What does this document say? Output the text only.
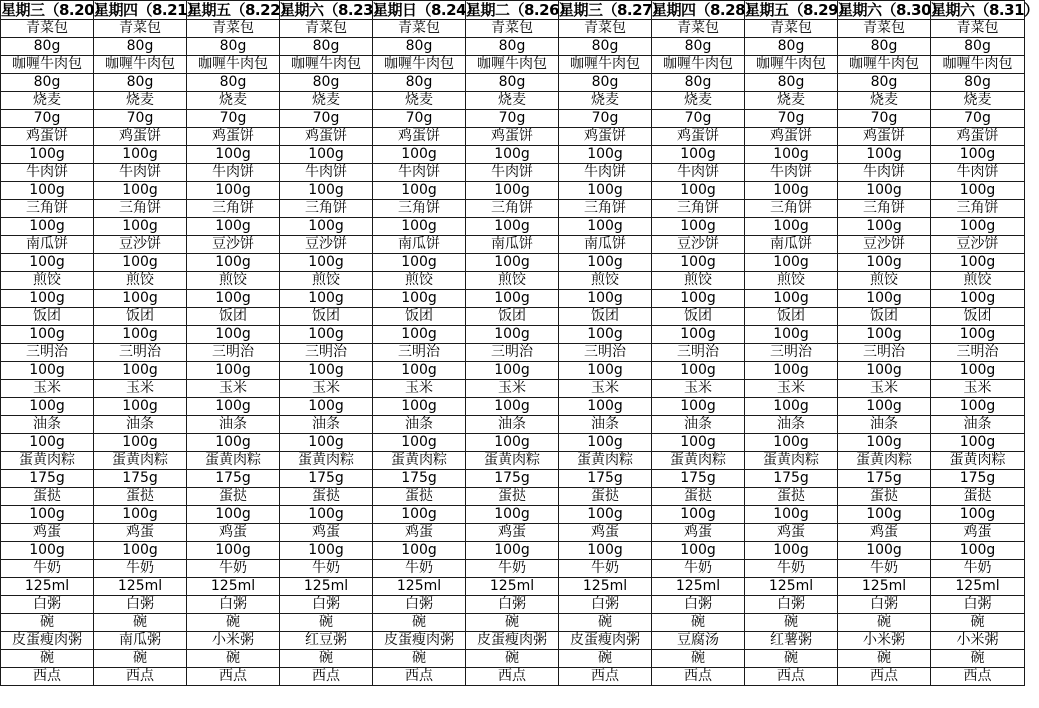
星期三（8.20）	星期四（8.21）	星期五（8.22）	星期六（8.23）	星期日（8.24）	星期二（8.26）	星期三（8.27）	星期四（8.28）	星期五（8.29）	星期六（8.30）	星期六（8.31）
青菜包	青菜包	青菜包	青菜包	青菜包	青菜包	青菜包	青菜包	青菜包	青菜包	青菜包
80g	80g	80g	80g	80g	80g	80g	80g	80g	80g	80g
咖喱牛肉包	咖喱牛肉包	咖喱牛肉包	咖喱牛肉包	咖喱牛肉包	咖喱牛肉包	咖喱牛肉包	咖喱牛肉包	咖喱牛肉包	咖喱牛肉包	咖喱牛肉包
80g	80g	80g	80g	80g	80g	80g	80g	80g	80g	80g
烧麦	烧麦	烧麦	烧麦	烧麦	烧麦	烧麦	烧麦	烧麦	烧麦	烧麦
70g	70g	70g	70g	70g	70g	70g	70g	70g	70g	70g
鸡蛋饼	鸡蛋饼	鸡蛋饼	鸡蛋饼	鸡蛋饼	鸡蛋饼	鸡蛋饼	鸡蛋饼	鸡蛋饼	鸡蛋饼	鸡蛋饼
100g	100g	100g	100g	100g	100g	100g	100g	100g	100g	100g
牛肉饼	牛肉饼	牛肉饼	牛肉饼	牛肉饼	牛肉饼	牛肉饼	牛肉饼	牛肉饼	牛肉饼	牛肉饼
100g	100g	100g	100g	100g	100g	100g	100g	100g	100g	100g
三角饼	三角饼	三角饼	三角饼	三角饼	三角饼	三角饼	三角饼	三角饼	三角饼	三角饼
100g	100g	100g	100g	100g	100g	100g	100g	100g	100g	100g
南瓜饼	豆沙饼	豆沙饼	豆沙饼	南瓜饼	南瓜饼	南瓜饼	豆沙饼	南瓜饼	豆沙饼	豆沙饼
100g	100g	100g	100g	100g	100g	100g	100g	100g	100g	100g
煎饺	煎饺	煎饺	煎饺	煎饺	煎饺	煎饺	煎饺	煎饺	煎饺	煎饺
100g	100g	100g	100g	100g	100g	100g	100g	100g	100g	100g
饭团	饭团	饭团	饭团	饭团	饭团	饭团	饭团	饭团	饭团	饭团
100g	100g	100g	100g	100g	100g	100g	100g	100g	100g	100g
三明治	三明治	三明治	三明治	三明治	三明治	三明治	三明治	三明治	三明治	三明治
100g	100g	100g	100g	100g	100g	100g	100g	100g	100g	100g
玉米	玉米	玉米	玉米	玉米	玉米	玉米	玉米	玉米	玉米	玉米
100g	100g	100g	100g	100g	100g	100g	100g	100g	100g	100g
油条	油条	油条	油条	油条	油条	油条	油条	油条	油条	油条
100g	100g	100g	100g	100g	100g	100g	100g	100g	100g	100g
蛋黄肉粽	蛋黄肉粽	蛋黄肉粽	蛋黄肉粽	蛋黄肉粽	蛋黄肉粽	蛋黄肉粽	蛋黄肉粽	蛋黄肉粽	蛋黄肉粽	蛋黄肉粽
175g	175g	175g	175g	175g	175g	175g	175g	175g	175g	175g
蛋挞	蛋挞	蛋挞	蛋挞	蛋挞	蛋挞	蛋挞	蛋挞	蛋挞	蛋挞	蛋挞
100g	100g	100g	100g	100g	100g	100g	100g	100g	100g	100g
鸡蛋	鸡蛋	鸡蛋	鸡蛋	鸡蛋	鸡蛋	鸡蛋	鸡蛋	鸡蛋	鸡蛋	鸡蛋
100g	100g	100g	100g	100g	100g	100g	100g	100g	100g	100g
牛奶	牛奶	牛奶	牛奶	牛奶	牛奶	牛奶	牛奶	牛奶	牛奶	牛奶
125ml	125ml	125ml	125ml	125ml	125ml	125ml	125ml	125ml	125ml	125ml
白粥	白粥	白粥	白粥	白粥	白粥	白粥	白粥	白粥	白粥	白粥
碗	碗	碗	碗	碗	碗	碗	碗	碗	碗	碗
皮蛋瘦肉粥	南瓜粥	小米粥	红豆粥	皮蛋瘦肉粥	皮蛋瘦肉粥	皮蛋瘦肉粥	豆腐汤	红薯粥	小米粥	小米粥
碗	碗	碗	碗	碗	碗	碗	碗	碗	碗	碗
西点	西点	西点	西点	西点	西点	西点	西点	西点	西点	西点
